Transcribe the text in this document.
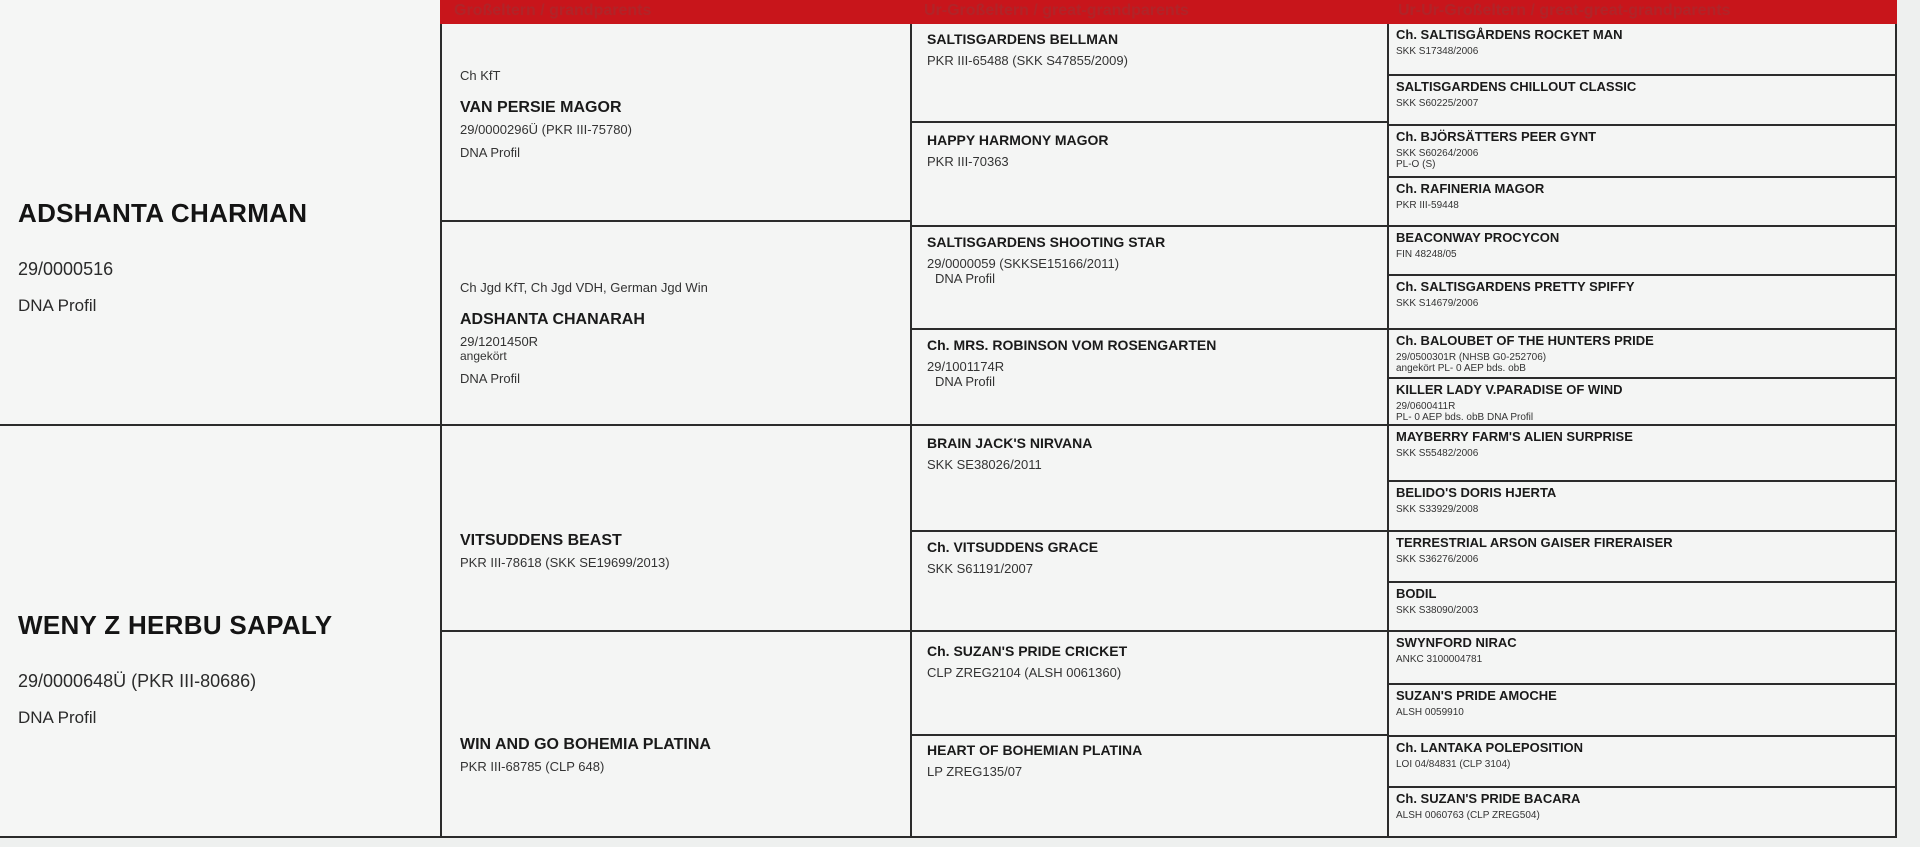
Großeltern / grandparents	Ur-Großeltern / great-grandparents	Ur-Ur-Großeltern / great-great-grandparents
ADSHANTA CHARMAN
29/0000516
DNA Profil
WENY Z HERBU SAPALY
29/0000648Ü (PKR III-80686)
DNA Profil
Ch KfT
VAN PERSIE MAGOR
29/0000296Ü (PKR III-75780)
DNA Profil
Ch Jgd KfT, Ch Jgd VDH, German Jgd Win
ADSHANTA CHANARAH
29/1201450R
angekört
DNA Profil
VITSUDDENS BEAST
PKR III-78618 (SKK SE19699/2013)
WIN AND GO BOHEMIA PLATINA
PKR III-68785 (CLP 648)
SALTISGARDENS BELLMAN
PKR III-65488 (SKK S47855/2009)
HAPPY HARMONY MAGOR
PKR III-70363
SALTISGARDENS SHOOTING STAR
29/0000059 (SKKSE15166/2011)
DNA Profil
Ch. MRS. ROBINSON VOM ROSENGARTEN
29/1001174R
DNA Profil
BRAIN JACK'S NIRVANA
SKK SE38026/2011
Ch. VITSUDDENS GRACE
SKK S61191/2007
Ch. SUZAN'S PRIDE CRICKET
CLP ZREG2104 (ALSH 0061360)
HEART OF BOHEMIAN PLATINA
LP ZREG135/07
Ch. SALTISGÅRDENS ROCKET MAN
SKK S17348/2006
SALTISGARDENS CHILLOUT CLASSIC
SKK S60225/2007
Ch. BJÖRSÄTTERS PEER GYNT
SKK S60264/2006
PL-O (S)
Ch. RAFINERIA MAGOR
PKR III-59448
BEACONWAY PROCYCON
FIN 48248/05
Ch. SALTISGARDENS PRETTY SPIFFY
SKK S14679/2006
Ch. BALOUBET OF THE HUNTERS PRIDE
29/0500301R (NHSB G0-252706)
angekört PL- 0 AEP bds. obB
KILLER LADY V.PARADISE OF WIND
29/0600411R
PL- 0 AEP bds. obB DNA Profil
MAYBERRY FARM'S ALIEN SURPRISE
SKK S55482/2006
BELIDO'S DORIS HJERTA
SKK S33929/2008
TERRESTRIAL ARSON GAISER FIRERAISER
SKK S36276/2006
BODIL
SKK S38090/2003
SWYNFORD NIRAC
ANKC 3100004781
SUZAN'S PRIDE AMOCHE
ALSH 0059910
Ch. LANTAKA POLEPOSITION
LOI 04/84831 (CLP 3104)
Ch. SUZAN'S PRIDE BACARA
ALSH 0060763 (CLP ZREG504)
